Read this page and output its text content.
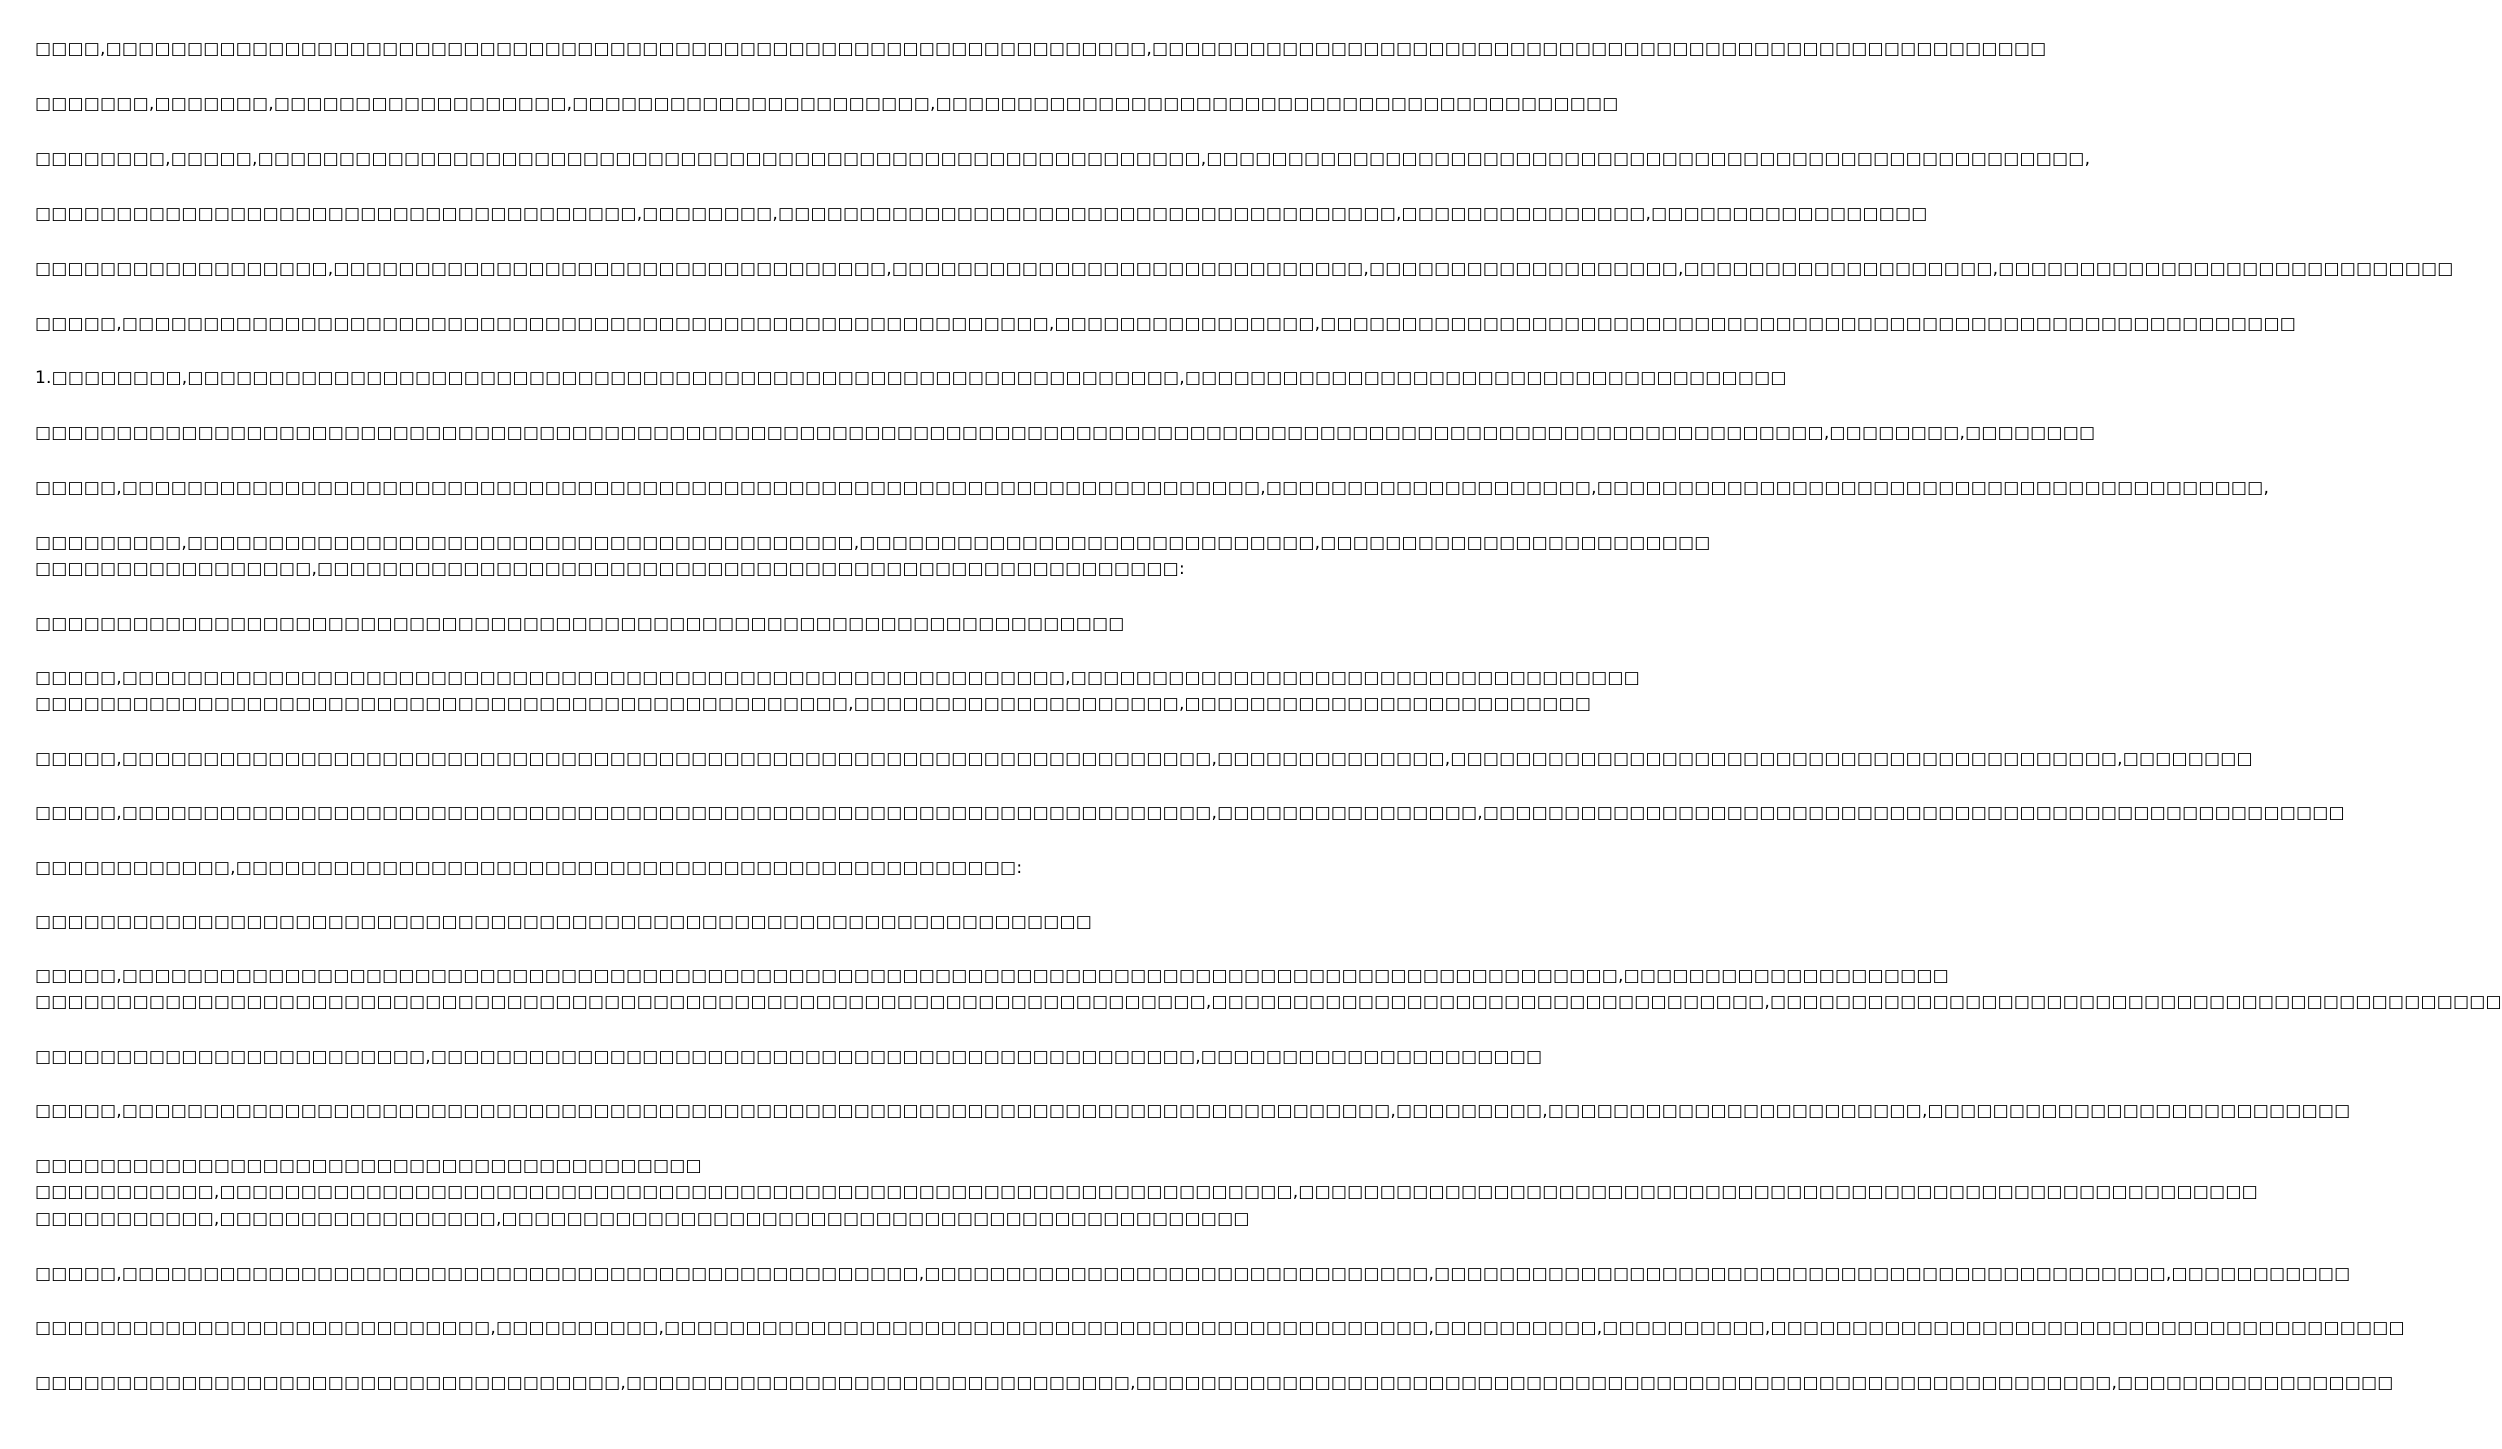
□□□□,□□□□□□□□□□□□□□□□□□□□□□□□□□□□□□□□□□□□□□□□□□□□□□□□□□□□□□□□□□□□□□□□,□□□□□□□□□□□□□□□□□□□□□□□□□□□□□□□□□□□□□□□□□□□□□□□□□□□□□□□
□□□□□□□,□□□□□□□,□□□□□□□□□□□□□□□□□□,□□□□□□□□□□□□□□□□□□□□□□,□□□□□□□□□□□□□□□□□□□□□□□□□□□□□□□□□□□□□□□□□□
□□□□□□□□,□□□□□,□□□□□□□□□□□□□□□□□□□□□□□□□□□□□□□□□□□□□□□□□□□□□□□□□□□□□□□□□□,□□□□□□□□□□□□□□□□□□□□□□□□□□□□□□□□□□□□□□□□□□□□□□□□□□□□□□,
□□□□□□□□□□□□□□□□□□□□□□□□□□□□□□□□□□□□□,□□□□□□□□,□□□□□□□□□□□□□□□□□□□□□□□□□□□□□□□□□□□□□□,□□□□□□□□□□□□□□□,□□□□□□□□□□□□□□□□□
□□□□□□□□□□□□□□□□□□,□□□□□□□□□□□□□□□□□□□□□□□□□□□□□□□□□□,□□□□□□□□□□□□□□□□□□□□□□□□□□□□□,□□□□□□□□□□□□□□□□□□□,□□□□□□□□□□□□□□□□□□□,□□□□□□□□□□□□□□□□□□□□□□□□□□□□
□□□□□,□□□□□□□□□□□□□□□□□□□□□□□□□□□□□□□□□□□□□□□□□□□□□□□□□□□□□□□□□,□□□□□□□□□□□□□□□□,□□□□□□□□□□□□□□□□□□□□□□□□□□□□□□□□□□□□□□□□□□□□□□□□□□□□□□□□□□□□
1.□□□□□□□□,□□□□□□□□□□□□□□□□□□□□□□□□□□□□□□□□□□□□□□□□□□□□□□□□□□□□□□□□□□□□□,□□□□□□□□□□□□□□□□□□□□□□□□□□□□□□□□□□□□□
□□□□□□□□□□□□□□□□□□□□□□□□□□□□□□□□□□□□□□□□□□□□□□□□□□□□□□□□□□□□□□□□□□□□□□□□□□□□□□□□□□□□□□□□□□□□□□□□□□□□□□□□□□□□□□,□□□□□□□□,□□□□□□□□
□□□□□,□□□□□□□□□□□□□□□□□□□□□□□□□□□□□□□□□□□□□□□□□□□□□□□□□□□□□□□□□□□□□□□□□□□□□□,□□□□□□□□□□□□□□□□□□□□,□□□□□□□□□□□□□□□□□□□□□□□□□□□□□□□□□□□□□□□□□,
□□□□□□□□□,□□□□□□□□□□□□□□□□□□□□□□□□□□□□□□□□□□□□□□□□□,□□□□□□□□□□□□□□□□□□□□□□□□□□□□,□□□□□□□□□□□□□□□□□□□□□□□□
□□□□□□□□□□□□□□□□□,□□□□□□□□□□□□□□□□□□□□□□□□□□□□□□□□□□□□□□□□□□□□□□□□□□□□□:
□□□□□□□□□□□□□□□□□□□□□□□□□□□□□□□□□□□□□□□□□□□□□□□□□□□□□□□□□□□□□□□□□□□
□□□□□,□□□□□□□□□□□□□□□□□□□□□□□□□□□□□□□□□□□□□□□□□□□□□□□□□□□□□□□□□□,□□□□□□□□□□□□□□□□□□□□□□□□□□□□□□□□□□□
□□□□□□□□□□□□□□□□□□□□□□□□□□□□□□□□□□□□□□□□□□□□□□□□□□,□□□□□□□□□□□□□□□□□□□□,□□□□□□□□□□□□□□□□□□□□□□□□□
□□□□□,□□□□□□□□□□□□□□□□□□□□□□□□□□□□□□□□□□□□□□□□□□□□□□□□□□□□□□□□□□□□□□□□□□□,□□□□□□□□□□□□□□,□□□□□□□□□□□□□□□□□□□□□□□□□□□□□□□□□□□□□□□□□,□□□□□□□□
□□□□□,□□□□□□□□□□□□□□□□□□□□□□□□□□□□□□□□□□□□□□□□□□□□□□□□□□□□□□□□□□□□□□□□□□□,□□□□□□□□□□□□□□□□,□□□□□□□□□□□□□□□□□□□□□□□□□□□□□□□□□□□□□□□□□□□□□□□□□□□□□
□□□□□□□□□□□□,□□□□□□□□□□□□□□□□□□□□□□□□□□□□□□□□□□□□□□□□□□□□□□□□:
□□□□□□□□□□□□□□□□□□□□□□□□□□□□□□□□□□□□□□□□□□□□□□□□□□□□□□□□□□□□□□□□□
□□□□□,□□□□□□□□□□□□□□□□□□□□□□□□□□□□□□□□□□□□□□□□□□□□□□□□□□□□□□□□□□□□□□□□□□□□□□□□□□□□□□□□□□□□□□□□□□□□,□□□□□□□□□□□□□□□□□□□□
□□□□□□□□□□□□□□□□□□□□□□□□□□□□□□□□□□□□□□□□□□□□□□□□□□□□□□□□□□□□□□□□□□□□□□□□,□□□□□□□□□□□□□□□□□□□□□□□□□□□□□□□□□□,□□□□□□□□□□□□□□□□□□□□□□□□□□□□□□□□□□□□□□□□□□□□□
□□□□□□□□□□□□□□□□□□□□□□□□,□□□□□□□□□□□□□□□□□□□□□□□□□□□□□□□□□□□□□□□□□□□□□□□,□□□□□□□□□□□□□□□□□□□□□
□□□□□,□□□□□□□□□□□□□□□□□□□□□□□□□□□□□□□□□□□□□□□□□□□□□□□□□□□□□□□□□□□□□□□□□□□□□□□□□□□□□□,□□□□□□□□□,□□□□□□□□□□□□□□□□□□□□□□□,□□□□□□□□□□□□□□□□□□□□□□□□□□
□□□□□□□□□□□□□□□□□□□□□□□□□□□□□□□□□□□□□□□□□
□□□□□□□□□□□,□□□□□□□□□□□□□□□□□□□□□□□□□□□□□□□□□□□□□□□□□□□□□□□□□□□□□□□□□□□□□□□□□□,□□□□□□□□□□□□□□□□□□□□□□□□□□□□□□□□□□□□□□□□□□□□□□□□□□□□□□□□□□□
□□□□□□□□□□□,□□□□□□□□□□□□□□□□□,□□□□□□□□□□□□□□□□□□□□□□□□□□□□□□□□□□□□□□□□□□□□□□
□□□□□,□□□□□□□□□□□□□□□□□□□□□□□□□□□□□□□□□□□□□□□□□□□□□□□□□,□□□□□□□□□□□□□□□□□□□□□□□□□□□□□□□,□□□□□□□□□□□□□□□□□□□□□□□□□□□□□□□□□□□□□□□□□□□□□,□□□□□□□□□□□
□□□□□□□□□□□□□□□□□□□□□□□□□□□□,□□□□□□□□□□,□□□□□□□□□□□□□□□□□□□□□□□□□□□□□□□□□□□□□□□□□□□□□□□,□□□□□□□□□□,□□□□□□□□□□,□□□□□□□□□□□□□□□□□□□□□□□□□□□□□□□□□□□□□□□
□□□□□□□□□□□□□□□□□□□□□□□□□□□□□□□□□□□□,□□□□□□□□□□□□□□□□□□□□□□□□□□□□□□□,□□□□□□□□□□□□□□□□□□□□□□□□□□□□□□□□□□□□□□□□□□□□□□□□□□□□□□□□□□□□,□□□□□□□□□□□□□□□□□
